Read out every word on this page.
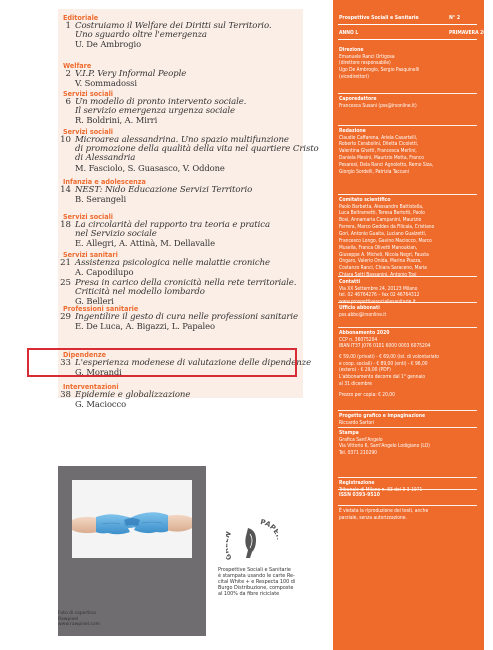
Editoriale
1 Costruiamo il Welfare dei Diritti sul Territorio.
Uno sguardo oltre l'emergenza
U. De Ambrogio
Welfare
2 V.I.P. Very Informal People
V. Sommadossi
Servizi sociali
6 Un modello di pronto intervento sociale.
Il servizio emergenza urgenza sociale
R. Boldrini, A. Mirri
Servizi sociali
10 Microarea alessandrina. Uno spazio multifunzione
di promozione della qualità della vita nel quartiere Cristo
di Alessandria
M. Fasciolo, S. Guasasco, V. Oddone
Infanzia e adolescenza
14 NEST: Nido Educazione Servizi Territorio
B. Serangeli
Servizi sociali
18 La circolarità del rapporto tra teoria e pratica
nel Servizio sociale
E. Allegri, A. Attinà, M. Dellavalle
Servizi sanitari
21 Assistenza psicologica nelle malattie croniche
A. Capodilupo
25 Presa in carico della cronicità nella rete territoriale.
Criticità nel modello lombardo
G. Belleri
Professioni sanitarie
29 Ingentilire il gesto di cura nelle professioni sanitarie
E. De Luca, A. Bigazzi, L. Papaleo
Dipendenze
33 L'esperienza modenese di valutazione delle dipendenze
G. Morandi
Interventazioni
38 Epidemie e globalizzazione
G. Maciocco
Foto di copertina
Rawpixel
www.rawpixel.com
PAP
Prospettive Sociali e Sanitarie
è stampata usando le carte Re-
cital White + e Respecta 100 di
Burgo Distribuzione, composte
al 100% da fibre riciclate
Prospettive Sociali e Sanitarie	N° 2
ANNO L	PRIMAVERA 2020
Direzione
Emanuele Ranci Ortigosa
(direttore responsabile)
Ugo De Ambrogio, Sergio Pasquinelli
(vicedirettori)
Caporedattore
Francesca Susani (pss@irsonline.it)
Redazione
Claudio Caffarena, Ariela Casartelli,
Roberto Cerabolini, Diletta Cicoletti,
Valentina Ghetti, Francesca Merlini,
Daniela Mesini, Maurizio Motta, Franco
Pesaresi, Dela Ranci Agnoletto, Remo Siza,
Giorgio Sordelli, Patrizia Taccani
Comitato scientifico
Paolo Barbetta, Alessandro Battistella,
Luca Beltrametti, Teresa Bertotti, Paolo
Bosi, Annamaria Campanini, Maurizio
Ferrera, Marco Geddes da Filicaia, Cristiano
Gori, Antonio Guaita, Luciano Gualzetti,
Francesco Longo, Gavino Maciocco, Marco
Musella, Franca Olivetti Manoukian,
Giuseppe A. Micheli, Nicola Negri, Fausta
Ongaro, Valerio Onida, Marina Piazza,
Costanzo Ranci, Chiara Saraceno, Maria
Chiara Setti Bassanini, Antonio Tosi
Contatti
Via XX Settembre 24, 20123 Milano
tel. 02 46764276 – fax 02 46764312
www.prospettivesocialiesanitarie.it
Ufficio abbonati
pss.abbo@irsonline.it
Abbonamento 2020
CCP n. 36075204
IBAN IT37 J076 0101 6000 0003 6075204
€ 59,00 (privati) - € 69,00 (ist. di volontariato
e coop. sociali) - € 89,00 (enti) - € 96,00
(estero) - € 29,00 (PDF)
L'abbonamento decorre dal 1° gennaio
al 31 dicembre
Prezzo per copia: € 20,00
Progetto grafico e impaginazione
Riccardo Sartori
Stampa
Grafica Sant'Angelo
Via Vittorio 6, Sant'Angelo Lodigiano (LO)
Tel. 0371 210290
Registrazione
Tribunale di Milano n. 83 del 3-3-1971
ISSN 0393-9510
È vietata la riproduzione dei testi, anche
parziale, senza autorizzazione.
